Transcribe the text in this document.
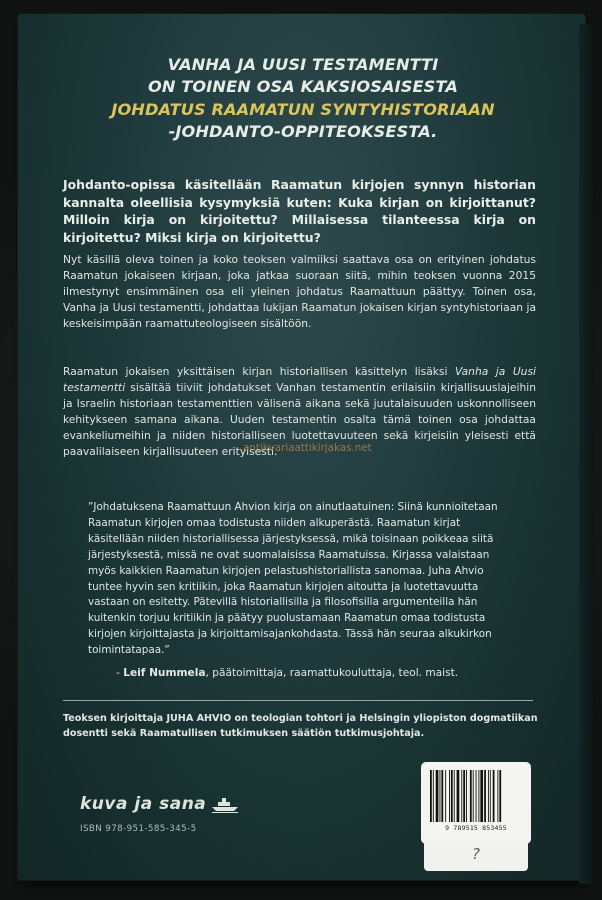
VANHA JA UUSI TESTAMENTTI
ON TOINEN OSA KAKSIOSAISESTA
JOHDATUS RAAMATUN SYNTYHISTORIAAN
-JOHDANTO-OPPITEOKSESTA.
Johdanto-opissa käsitellään Raamatun kirjojen synnyn historian kannalta oleellisia kysymyksiä kuten: Kuka kirjan on kirjoittanut? Milloin kirja on kirjoitettu? Millaisessa tilanteessa kirja on kirjoitettu? Miksi kirja on kirjoitettu?
Nyt käsillä oleva toinen ja koko teoksen valmiiksi saattava osa on erityinen johdatus Raamatun jokaiseen kirjaan, joka jatkaa suoraan siitä, mihin teoksen vuonna 2015 ilmestynyt ensimmäinen osa eli yleinen johdatus Raamattuun päättyy. Toinen osa, Vanha ja Uusi testamentti, johdattaa lukijan Raamatun jokaisen kirjan syntyhistoriaan ja keskeisimpään raamattuteologiseen sisältöön.
Raamatun jokaisen yksittäisen kirjan historiallisen käsittelyn lisäksi Vanha ja Uusi testamentti sisältää tiiviit johdatukset Vanhan testamentin erilaisiin kirjallisuuslajeihin ja Israelin historiaan testamenttien välisenä aikana sekä juutalaisuuden uskonnolliseen kehitykseen samana aikana. Uuden testamentin osalta tämä toinen osa johdattaa evankeliumeihin ja niiden historialliseen luotettavuuteen sekä kirjeisiin yleisesti että paavalilaiseen kirjallisuuteen erityisesti.
antikvariaattikirjakas.net
”Johdatuksena Raamattuun Ahvion kirja on ainutlaatuinen: Siinä kunnioitetaan Raamatun kirjojen omaa todistusta niiden alkuperästä. Raamatun kirjat käsitellään niiden historiallisessa järjestyksessä, mikä toisinaan poikkeaa siitä järjestyksestä, missä ne ovat suomalaisissa Raamatuissa. Kirjassa valaistaan myös kaikkien Raamatun kirjojen pelastushistoriallista sanomaa. Juha Ahvio tuntee hyvin sen kritiikin, joka Raamatun kirjojen aitoutta ja luotettavuutta vastaan on esitetty. Pätevillä historiallisilla ja filosofisilla argumenteilla hän kuitenkin torjuu kritiikin ja päätyy puolustamaan Raamatun omaa todistusta kirjojen kirjoittajasta ja kirjoittamisajankohdasta. Tässä hän seuraa alkukirkon toimintatapaa.”
- Leif Nummela, päätoimittaja, raamattukouluttaja, teol. maist.
Teoksen kirjoittaja JUHA AHVIO on teologian tohtori ja Helsingin yliopiston dogmatiikan dosentti sekä Raamatullisen tutkimuksen säätiön tutkimusjohtaja.
kuva ja sana
ISBN 978-951-585-345-5	9 789515 853455
?
